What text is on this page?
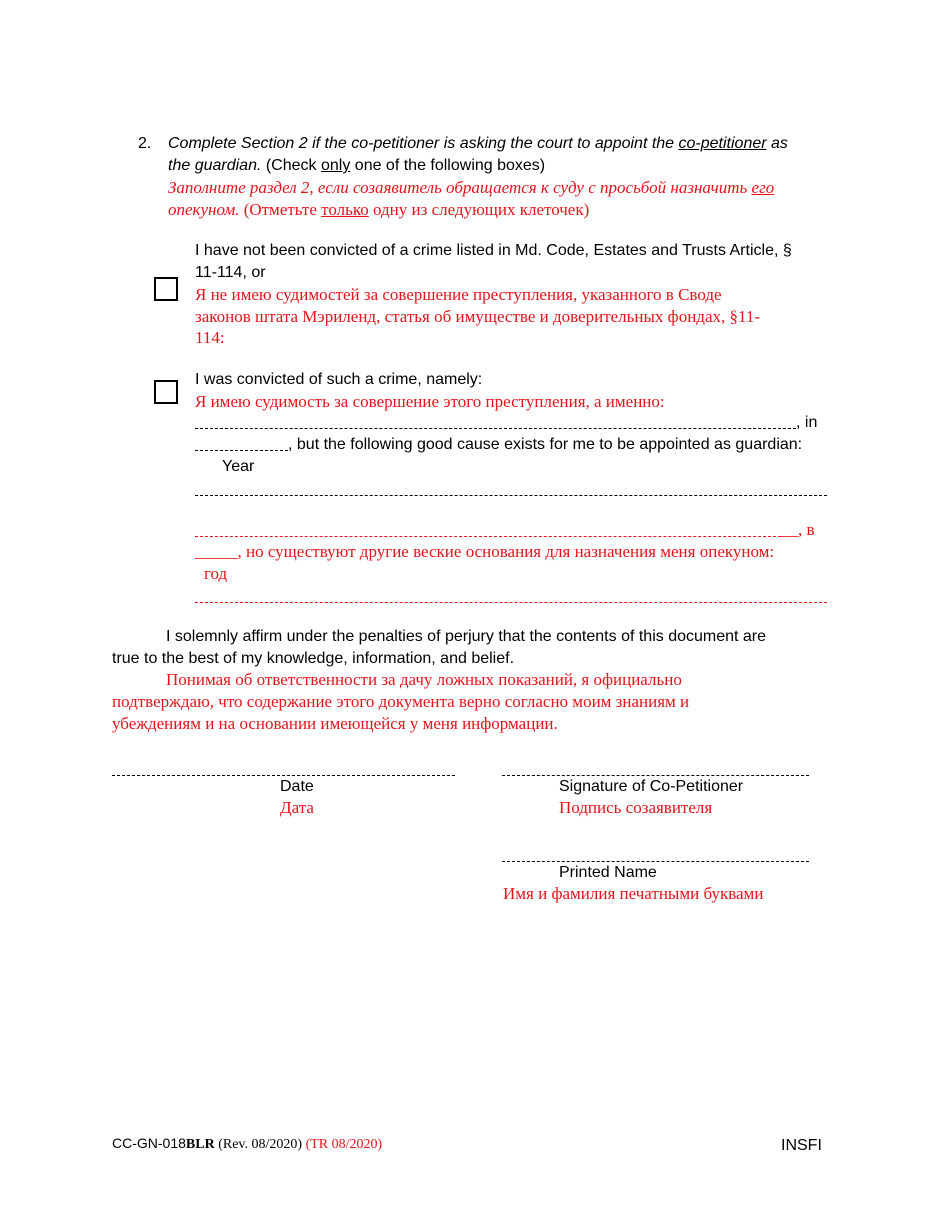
2. Complete Section 2 if the co-petitioner is asking the court to appoint the co-petitioner as
the guardian. (Check only one of the following boxes)
Заполните раздел 2, если созаявитель обращается к суду с просьбой назначить его
опекуном. (Отметьте только одну из следующих клеточек)
I have not been convicted of a crime listed in Md. Code, Estates and Trusts Article, §
11-114, or
Я не имею судимостей за совершение преступления, указанного в Своде
законов штата Мэриленд, статья об имуществе и доверительных фондах, §11-
114:
I was convicted of such a crime, namely:
Я имею судимость за совершение этого преступления, а именно:
, in
, but the following good cause exists for me to be appointed as guardian:
Year
__, в
_____, но существуют другие веские основания для назначения меня опекуном:
год
I solemnly affirm under the penalties of perjury that the contents of this document are
true to the best of my knowledge, information, and belief.
Понимая об ответственности за дачу ложных показаний, я официально
подтверждаю, что содержание этого документа верно согласно моим знаниям и
убеждениям и на основании имеющейся у меня информации.
Date
Дата
Signature of Co-Petitioner
Подпись созаявителя
Printed Name
Имя и фамилия печатными буквами
CC-GN-018BLR (Rev. 08/2020) (TR 08/2020)	INSFI
